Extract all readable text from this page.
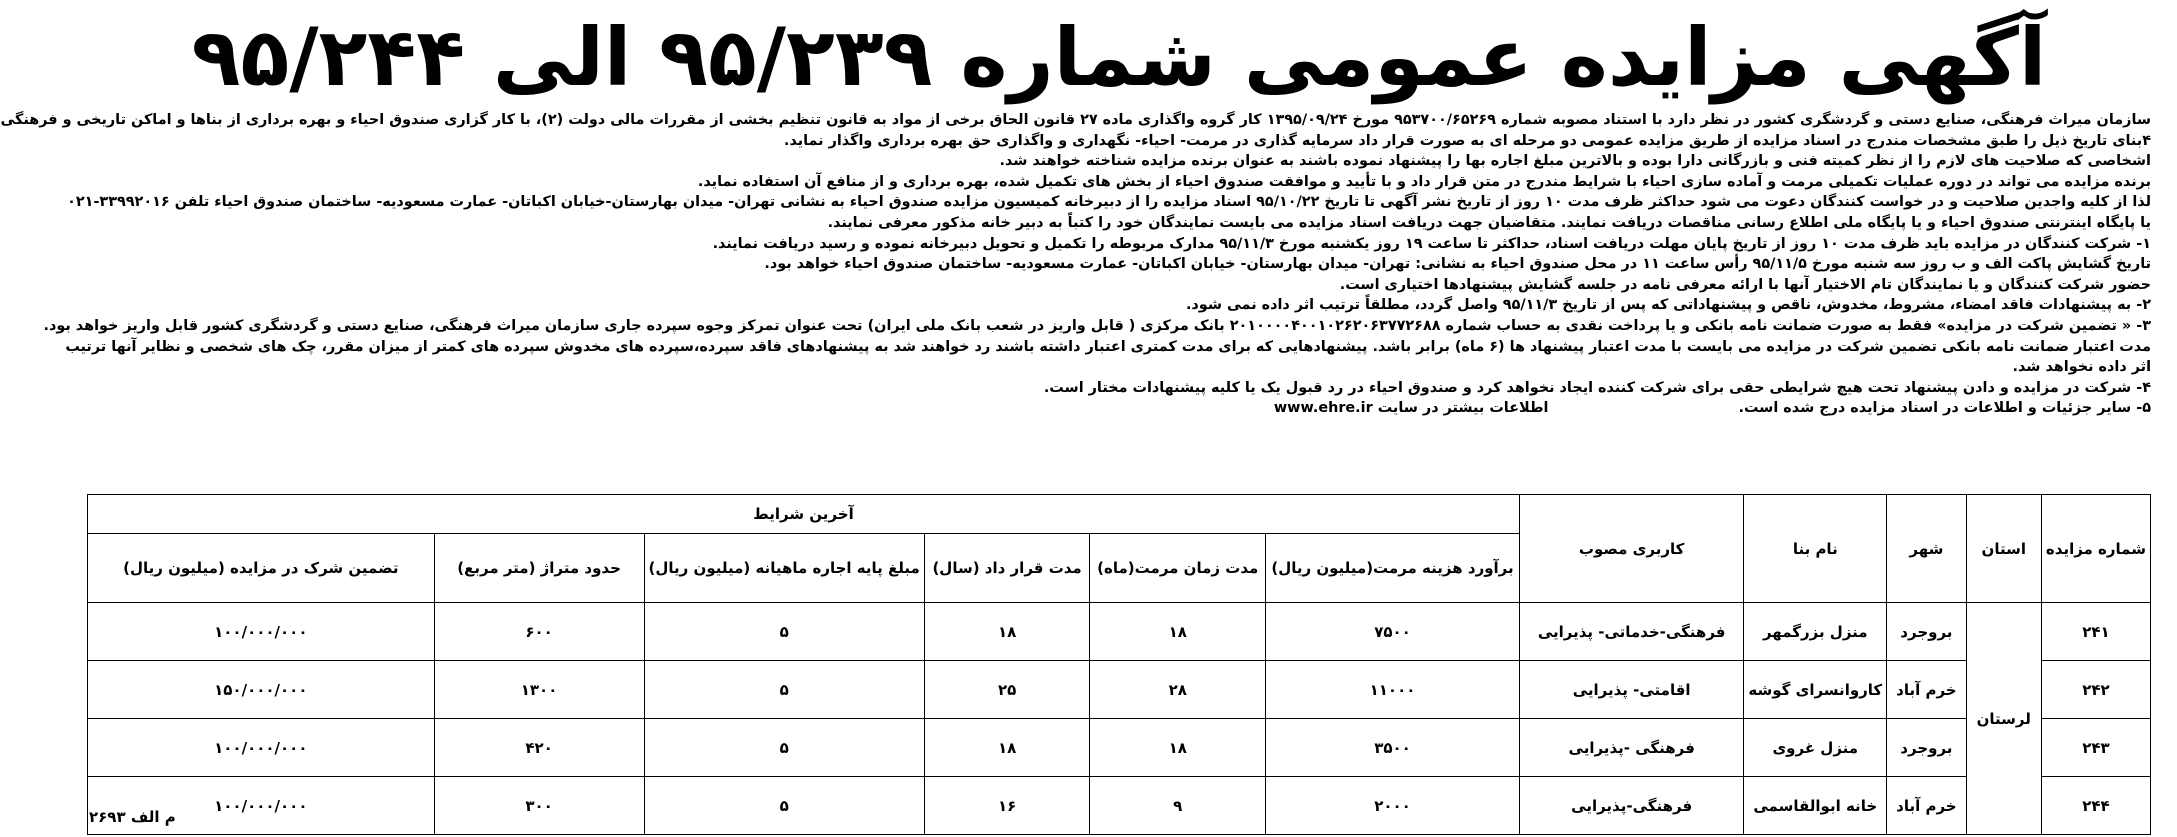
آگهی مزایده عمومی شماره ۹۵/۲۳۹ الی ۹۵/۲۴۴
سازمان میراث فرهنگی، صنایع دستی و گردشگری کشور در نظر دارد با استناد مصوبه شماره ۹۵۳۷۰۰/۶۵۲۶۹ مورخ ۱۳۹۵/۰۹/۲۴ کار گروه واگذاری ماده ۲۷ قانون الحاق برخی از مواد به قانون تنظیم بخشی از مقررات مالی دولت (۲)، با کار گزاری صندوق احیاء و بهره برداری از بناها و اماکن تاریخی و فرهنگی
۴بنای تاریخ ذیل را طبق مشخصات مندرج در اسناد مزایده از طریق مزایده عمومی دو مرحله ای به صورت قرار داد سرمایه گذاری در مرمت- احیاء- نگهداری و واگذاری حق بهره برداری واگذار نماید.
اشخاصی که صلاحیت های لازم را از نظر کمیته فنی و بازرگانی دارا بوده و بالاترین مبلغ اجاره بها را پیشنهاد نموده باشند به عنوان برنده مزایده شناخته خواهند شد.
برنده مزایده می تواند در دوره عملیات تکمیلی مرمت و آماده سازی احیاء با شرایط مندرج در متن قرار داد و با تأیید و موافقت صندوق احیاء از بخش های تکمیل شده، بهره برداری و از منافع آن استفاده نماید.
لذا از کلیه واجدین صلاحیت و در خواست کنندگان دعوت می شود حداکثر ظرف مدت ۱۰ روز از تاریخ نشر آگهی تا تاریخ ۹۵/۱۰/۲۲ اسناد مزایده را از دبیرخانه کمیسیون مزایده صندوق احیاء به نشانی تهران- میدان بهارستان-خیابان اکباتان- عمارت مسعودیه- ساختمان صندوق احیاء تلفن ۳۳۹۹۲۰۱۶-۰۲۱
یا پایگاه اینترنتی صندوق احیاء و یا پایگاه ملی اطلاع رسانی مناقصات دریافت نمایند. متقاضیان جهت دریافت اسناد مزایده می بایست نمایندگان خود را کتباً به دبیر خانه مذکور معرفی نمایند.
۱- شرکت کنندگان در مزایده باید ظرف مدت ۱۰ روز از تاریخ پایان مهلت دریافت اسناد، حداکثر تا ساعت ۱۹ روز یکشنبه مورخ ۹۵/۱۱/۳ مدارک مربوطه را تکمیل و تحویل دبیرخانه نموده و رسید دریافت نمایند.
تاریخ گشایش پاکت الف و ب روز سه شنبه مورخ ۹۵/۱۱/۵ رأس ساعت ۱۱ در محل صندوق احیاء به نشانی: تهران- میدان بهارستان- خیابان اکباتان- عمارت مسعودیه- ساختمان صندوق احیاء خواهد بود.
حضور شرکت کنندگان و یا نمایندگان تام الاختیار آنها با ارائه معرفی نامه در جلسه گشایش پیشنهادها اختیاری است.
۲- به پیشنهادات فاقد امضاء، مشروط، مخدوش، ناقص و پیشنهاداتی که پس از تاریخ ۹۵/۱۱/۳ واصل گردد، مطلقاً ترتیب اثر داده نمی شود.
۳- « تضمین شرکت در مزایده» فقط به صورت ضمانت نامه بانکی و یا پرداخت نقدی به حساب شماره ۲۰۱۰۰۰۰۴۰۰۱۰۲۶۲۰۶۳۷۷۲۶۸۸ بانک مرکزی ( قابل واریز در شعب بانک ملی ایران) تحت عنوان تمرکز وجوه سپرده جاری سازمان میراث فرهنگی، صنایع دستی و گردشگری کشور قابل واریز خواهد بود.
مدت اعتبار ضمانت نامه بانکی تضمین شرکت در مزایده می بایست با مدت اعتبار پیشنهاد ها (۶ ماه) برابر باشد. پیشنهادهایی که برای مدت کمتری اعتبار داشته باشند رد خواهند شد به پیشنهادهای فاقد سپرده،سپرده های مخدوش سپرده های کمتر از میزان مقرر، چک های شخصی و نظایر آنها ترتیب
اثر داده نخواهد شد.
۴- شرکت در مزایده و دادن پیشنهاد تحت هیچ شرایطی حقی برای شرکت کننده ایجاد نخواهد کرد و صندوق احیاء در رد قبول یک یا کلیه پیشنهادات مختار است.
۵- سایر جزئیات و اطلاعات در اسناد مزایده درج شده است.  اطلاعات بیشتر در سایت www.ehre.ir
شماره مزایده	استان	شهر	نام بنا	کاربری مصوب	آخرین شرایط					
					برآورد هزینه مرمت(میلیون ریال)	مدت زمان مرمت(ماه)	مدت قرار داد (سال)	مبلغ پایه اجاره ماهیانه (میلیون ریال)	حدود متراژ (متر مربع)	تضمین شرک در مزایده (میلیون ریال)
۲۴۱	لرستان	بروجرد	منزل بزرگمهر	فرهنگی-خدماتی- پذیرایی	۷۵۰۰	۱۸	۱۸	۵	۶۰۰	۱۰۰/۰۰۰/۰۰۰
۲۴۲		خرم آباد	کاروانسرای گوشه	اقامتی- پذیرایی	۱۱۰۰۰	۲۸	۲۵	۵	۱۳۰۰	۱۵۰/۰۰۰/۰۰۰
۲۴۳		بروجرد	منزل غروی	فرهنگی -پذیرایی	۳۵۰۰	۱۸	۱۸	۵	۴۲۰	۱۰۰/۰۰۰/۰۰۰
۲۴۴		خرم آباد	خانه ابوالقاسمی	فرهنگی-پذیرایی	۲۰۰۰	۹	۱۶	۵	۳۰۰	۱۰۰/۰۰۰/۰۰۰
م الف ۲۶۹۳
